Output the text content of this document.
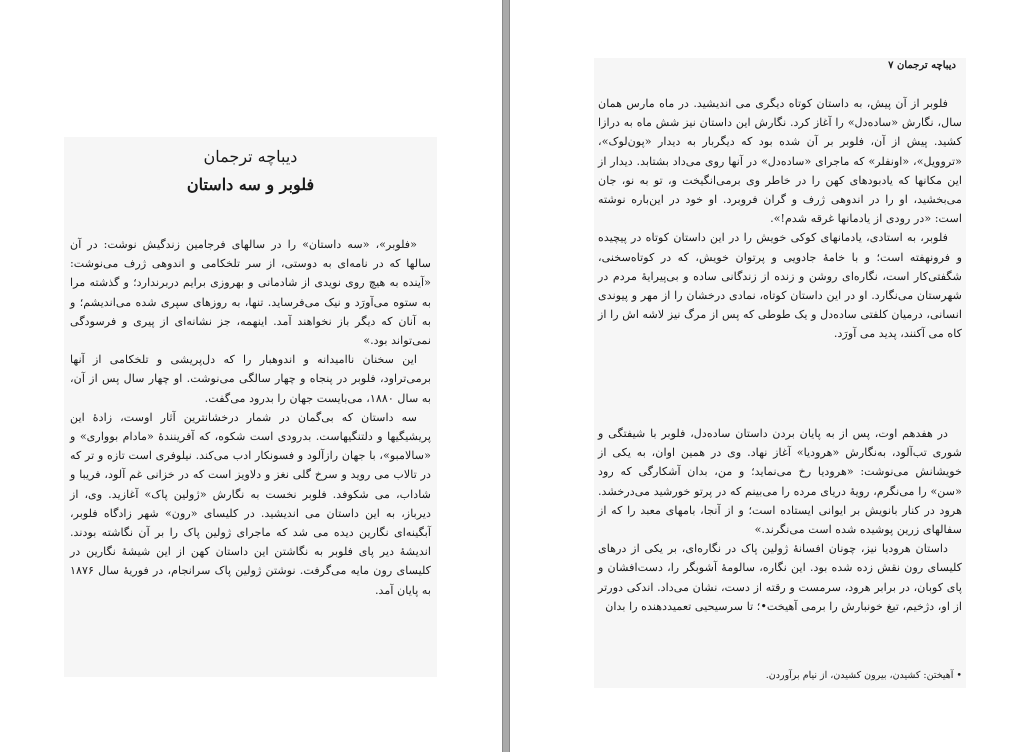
دیباچه ترجمان
فلوبر و سه داستان

«فلوبر»، «سه داستان» را در سالهای فرجامین زندگیش نوشت: در آن سالها که در نامه‌ای به دوستی، از سر تلخکامی و اندوهی ژرف می‌نوشت: «آینده به هیچ روی نویدی از شادمانی و بهروزی برایم دربرندارد؛ و گذشته مرا به ستوه می‌آورَد و نیک می‌فرساید. تنها، به روزهای سپری شده می‌اندیشم؛ و به آنان که دیگر باز نخواهند آمد. اینهمه، جز نشانه‌ای از پیری و فرسودگی نمی‌تواند بود.»

این سخنان ناامیدانه و اندوهبار را که دل‌پریشی و تلخکامی از آنها برمی‌تراود، فلوبر در پنجاه و چهار سالگی می‌نوشت. او چهار سال پس از آن، به سال ۱۸۸۰، می‌بایست جهان را بدرود می‌گفت.

سه داستان که بی‌گمان در شمار درخشانترین آثار اوست، زادهٔ این پریشیگیها و دلتنگیهاست. بدرودی است شکوه، که آفرینندهٔ «مادام بوواری» و «سالامبو»، با جهان رازآلود و فسونکار ادب می‌کند. نیلوفری است تازه و تر که در تالاب می روید و سرخ گلی نغز و دلاویز است که در خزانی غم آلود، فریبا و شاداب، می شکوفد. فلوبر نخست به نگارش «ژولین پاک» آغازید. وی، از دیرباز، به این داستان می اندیشید. در کلیسای «رون» شهر زادگاه فلوبر، آبگینه‌ای نگارین دیده می شد که ماجرای ژولین پاک را بر آن نگاشته بودند. اندیشهٔ دیر پای فلوبر به نگاشتن این داستان کهن از این شیشهٔ نگارین در کلیسای رون مایه می‌گرفت. نوشتن ژولین پاک سرانجام، در فوریهٔ سال ۱۸۷۶ به پایان آمد.

دیباچه ترجمان ۷

فلوبر از آن پیش، به داستان کوتاه دیگری می اندیشید. در ماه مارس همان سال، نگارش «ساده‌دل» را آغاز کرد. نگارش این داستان نیز شش ماه به درازا کشید. پیش از آن، فلوبر بر آن شده بود که دیگربار به دیدار «پون‌لوک»، «تروویل»، «اونفلر» که ماجرای «ساده‌دل» در آنها روی می‌داد بشتابد. دیدار از این مکانها که یادبودهای کهن را در خاطر وی برمی‌انگیخت و، تو به نو، جان می‌بخشید، او را در اندوهی ژرف و گران فروبرد. او خود در این‌باره نوشته است: «در رودی از یادمانها غرقه شدم!».

فلوبر، به استادی، یادمانهای کوکی خویش را در این داستان کوتاه در پیچیده و فرونهفته است؛ و با خامهٔ جادویی و پرتوان خویش، که در کوتاه‌سخنی، شگفتی‌کار است، نگاره‌ای روشن و زنده از زندگانی ساده و بی‌پیرایهٔ مردم در شهرستان می‌نگارد. او در این داستان کوتاه، نمادی درخشان را از مهر و پیوندی انسانی، درمیان کلفتی ساده‌دل و یک طوطی که پس از مرگ نیز لاشه اش را از کاه می آکنند، پدید می آورَد.

در هفدهم اوت، پس از به پایان بردن داستان ساده‌دل، فلوبر با شیفتگی و شوری تب‌آلود، به‌نگارش «هرودیا» آغاز نهاد. وی در همین اوان، به یکی از خویشانش می‌نوشت: «هرودیا رخ می‌نماید؛ و من، بدان آشکارگی که رود «سن» را می‌نگرم، رویهٔ دریای مرده را می‌بینم که در پرتو خورشید می‌درخشد. هرود در کنار بانویش بر ایوانی ایستاده است؛ و از آنجا، بامهای معبد را که از سفالهای زرین پوشیده شده است می‌نگرند.»

داستان هرودیا نیز، چونان افسانهٔ ژولین پاک در نگاره‌ای، بر یکی از درهای کلیسای رون نقش زده شده بود. این نگاره، سالومهٔ آشوبگر را، دست‌افشان و پای کوبان، در برابر هرود، سرمست و رقته از دست، نشان می‌داد. اندکی دورتر از او، دژخیم، تیغ خونبارش را برمی آهیخت•؛ تا سرسیحیی تعمیددهنده را بدان

• آهیختن: کشیدن، بیرون کشیدن، از نیام برآوردن.
